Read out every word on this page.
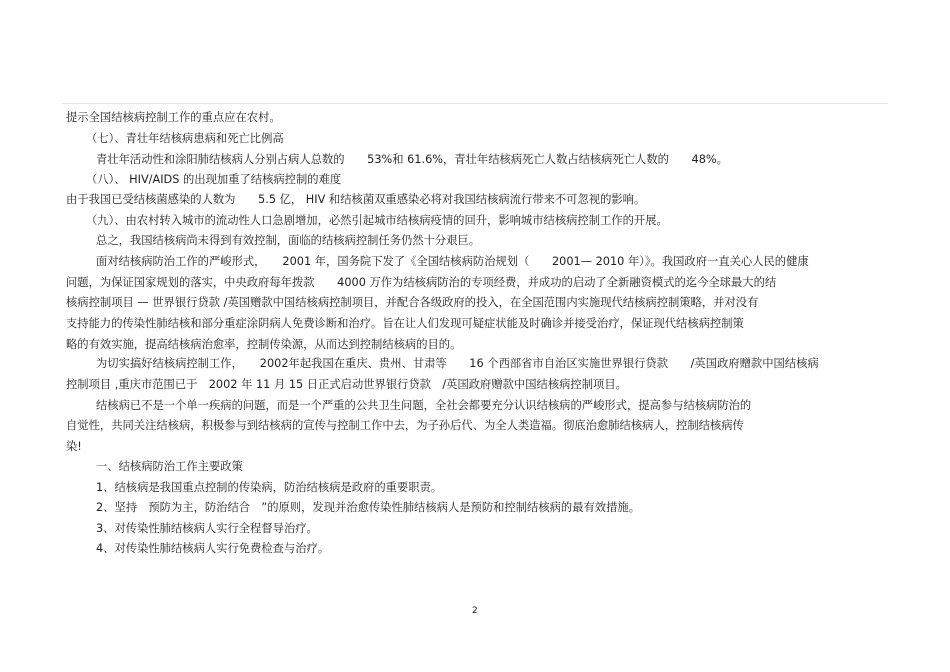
提示全国结核病控制工作的重点应在农村。
（七）、青壮年结核病患病和死亡比例高
青壮年活动性和涂阳肺结核病人分别占病人总数的　　53%和 61.6%，青壮年结核病死亡人数占结核病死亡人数的　　48%。
（八）、 HIV/AIDS 的出现加重了结核病控制的难度
由于我国已受结核菌感染的人数为　　5.5 亿， HIV 和结核菌双重感染必将对我国结核病流行带来不可忽视的影响。
（九）、由农村转入城市的流动性人口急剧增加，必然引起城市结核病疫情的回升，影响城市结核病控制工作的开展。
总之，我国结核病尚未得到有效控制，面临的结核病控制任务仍然十分艰巨。
面对结核病防治工作的严峻形式，　　2001 年，国务院下发了《全国结核病防治规划（　　2001— 2010 年）》。我国政府一直关心人民的健康
问题，为保证国家规划的落实，中央政府每年拨款　　4000 万作为结核病防治的专项经费，并成功的启动了全新融资模式的迄今全球最大的结
核病控制项目 — 世界银行贷款 /英国赠款中国结核病控制项目，并配合各级政府的投入，在全国范围内实施现代结核病控制策略，并对没有
支持能力的传染性肺结核和部分重症涂阴病人免费诊断和治疗。旨在让人们发现可疑症状能及时确诊并接受治疗，保证现代结核病控制策
略的有效实施，提高结核病治愈率，控制传染源，从而达到控制结核病的目的。
为切实搞好结核病控制工作，　　2002年起我国在重庆、贵州、甘肃等　　16 个西部省市自治区实施世界银行贷款　　/英国政府赠款中国结核病
控制项目 ,重庆市范围已于　2002 年 11 月 15 日正式启动世界银行贷款　/英国政府赠款中国结核病控制项目。
结核病已不是一个单一疾病的问题，而是一个严重的公共卫生问题，全社会都要充分认识结核病的严峻形式，提高参与结核病防治的
自觉性，共同关注结核病，积极参与到结核病的宣传与控制工作中去，为子孙后代、为全人类造福。彻底治愈肺结核病人，控制结核病传
染!
一、结核病防治工作主要政策
1、结核病是我国重点控制的传染病，防治结核病是政府的重要职责。
2、坚持　预防为主，防治结合　”的原则，发现并治愈传染性肺结核病人是预防和控制结核病的最有效措施。
3、对传染性肺结核病人实行全程督导治疗。
4、对传染性肺结核病人实行免费检查与治疗。
2
